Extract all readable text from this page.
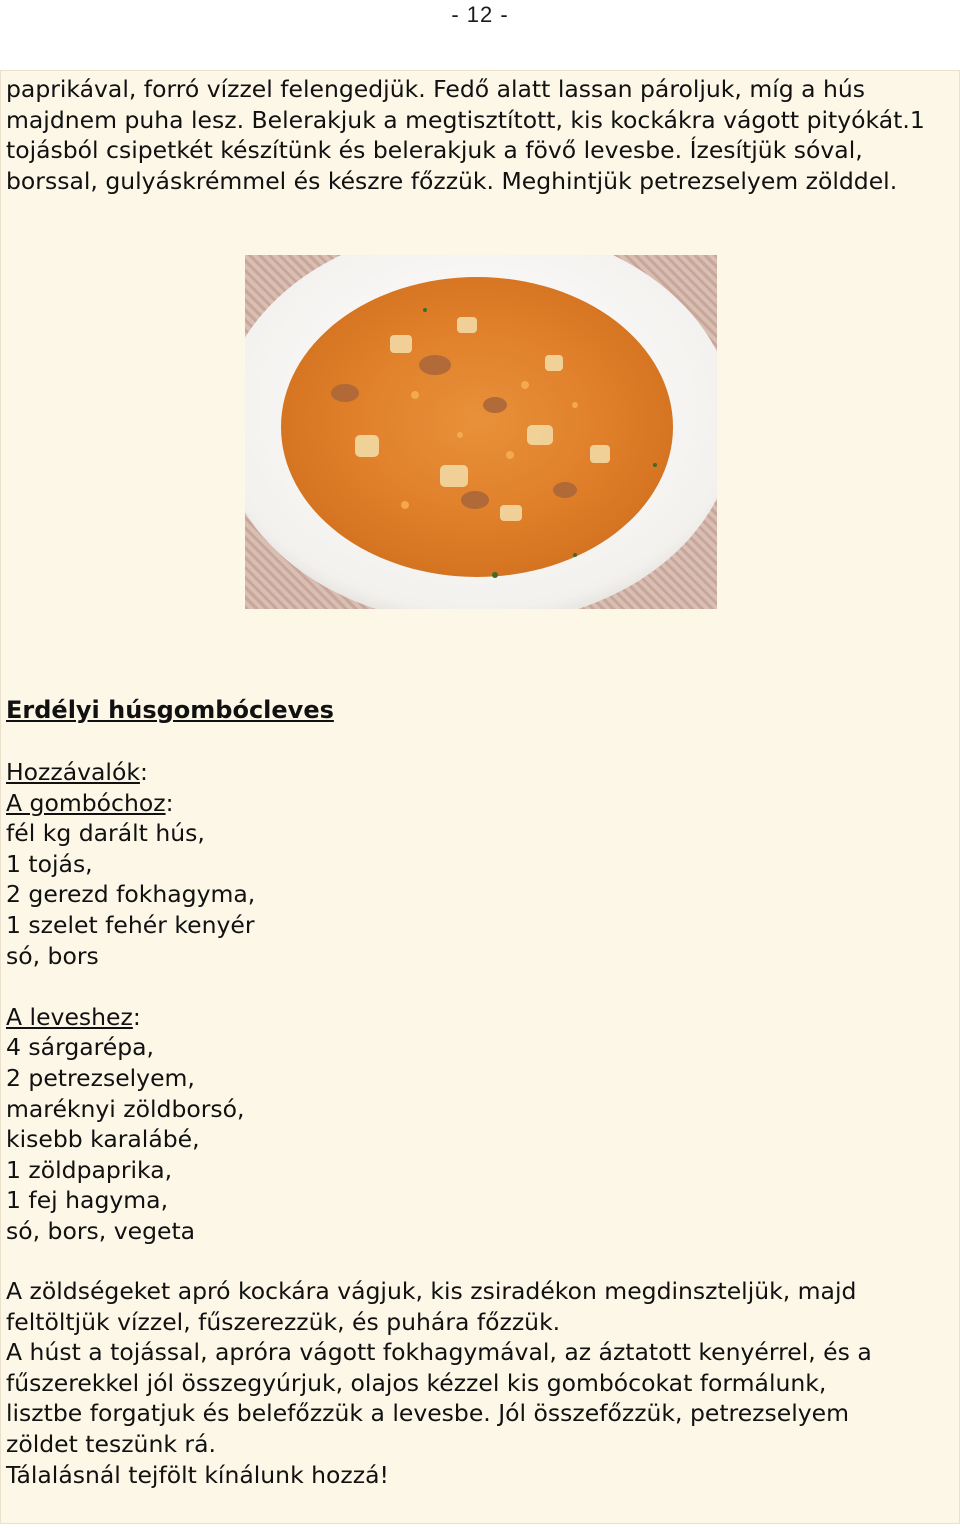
- 12 -
paprikával, forró vízzel felengedjük. Fedő alatt lassan pároljuk, míg a hús majdnem puha lesz. Belerakjuk a megtisztított, kis kockákra vágott pityókát.1 tojásból csipetkét készítünk és belerakjuk a fövő levesbe. Ízesítjük sóval, borssal, gulyáskrémmel és készre főzzük. Meghintjük petrezselyem zölddel.
Erdélyi húsgombócleves
Hozzávalók:
A gombóchoz:
fél kg darált hús,
1 tojás,
2 gerezd fokhagyma,
1 szelet fehér kenyér
só, bors
A leveshez:
4 sárgarépa,
2 petrezselyem,
maréknyi zöldborsó,
kisebb karalábé,
1 zöldpaprika,
1 fej hagyma,
só, bors, vegeta
A zöldségeket apró kockára vágjuk, kis zsiradékon megdinszteljük, majd
feltöltjük vízzel, fűszerezzük, és puhára főzzük.
A húst a tojással, apróra vágott fokhagymával, az áztatott kenyérrel, és a
fűszerekkel jól összegyúrjuk, olajos kézzel kis gombócokat formálunk,
lisztbe forgatjuk és belefőzzük a levesbe. Jól összefőzzük, petrezselyem
zöldet teszünk rá.
Tálalásnál tejfölt kínálunk hozzá!
